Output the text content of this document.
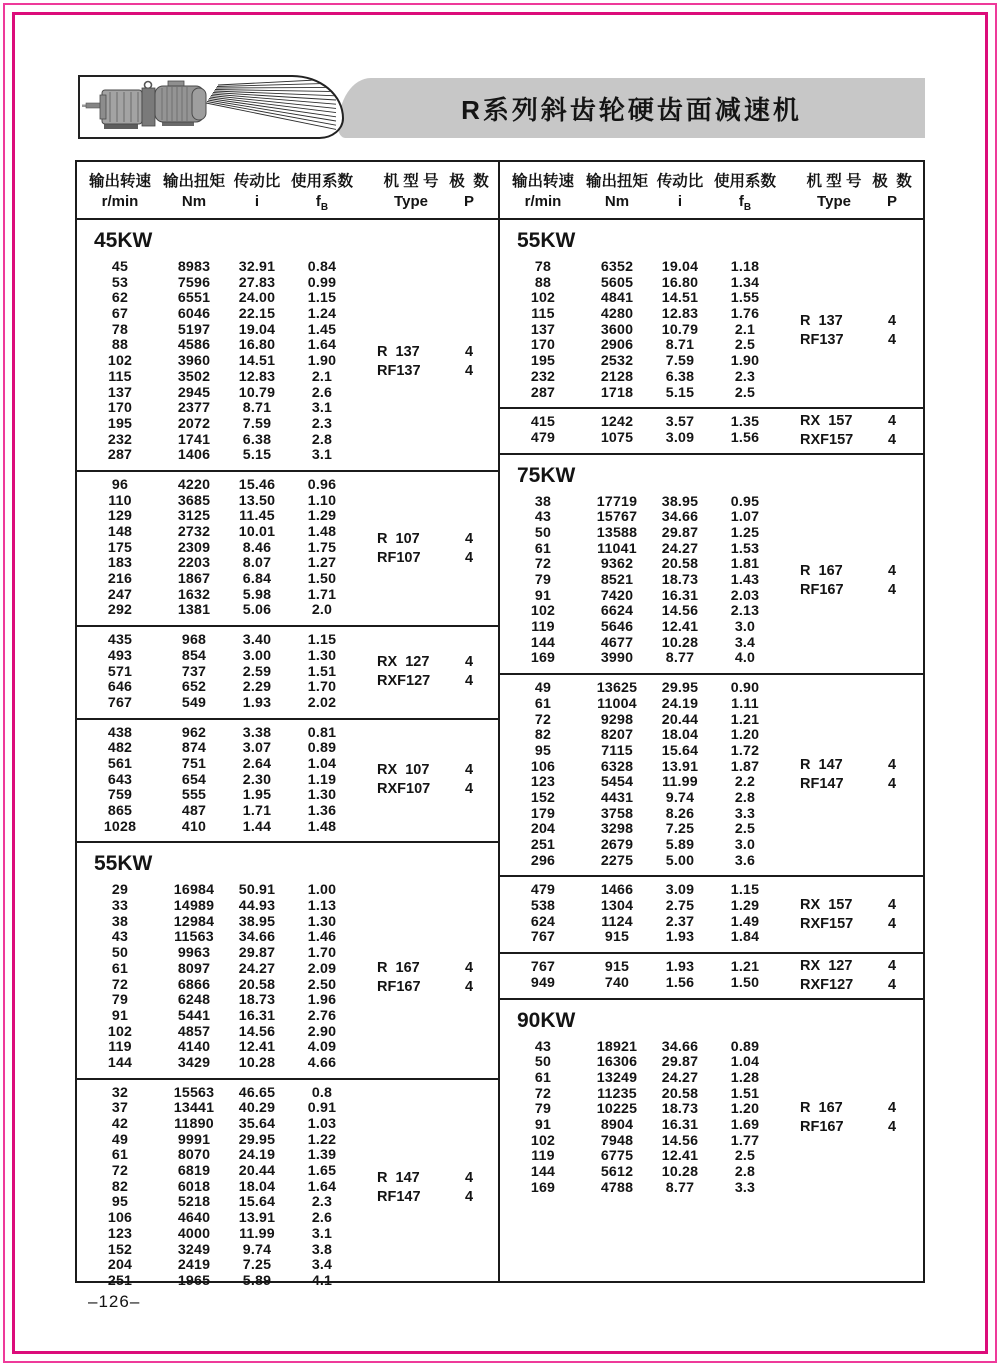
R系列斜齿轮硬齿面减速机
输出转速
r/min
输出扭矩
Nm
传动比
i
使用系数
$f_B$
机 型 号
Type
极  数
P
45KW
45	8983	32.91	0.84
53	7596	27.83	0.99
62	6551	24.00	1.15
67	6046	22.15	1.24
78	5197	19.04	1.45
88	4586	16.80	1.64
102	3960	14.51	1.90
115	3502	12.83	2.1
137	2945	10.79	2.6
170	2377	8.71	3.1
195	2072	7.59	2.3
232	1741	6.38	2.8
287	1406	5.15	3.1
R  137	4
RF137	4
96	4220	15.46	0.96
110	3685	13.50	1.10
129	3125	11.45	1.29
148	2732	10.01	1.48
175	2309	8.46	1.75
183	2203	8.07	1.27
216	1867	6.84	1.50
247	1632	5.98	1.71
292	1381	5.06	2.0
R  107	4
RF107	4
435	968	3.40	1.15
493	854	3.00	1.30
571	737	2.59	1.51
646	652	2.29	1.70
767	549	1.93	2.02
RX  127	4
RXF127	4
438	962	3.38	0.81
482	874	3.07	0.89
561	751	2.64	1.04
643	654	2.30	1.19
759	555	1.95	1.30
865	487	1.71	1.36
1028	410	1.44	1.48
RX  107	4
RXF107	4
55KW
29	16984	50.91	1.00
33	14989	44.93	1.13
38	12984	38.95	1.30
43	11563	34.66	1.46
50	9963	29.87	1.70
61	8097	24.27	2.09
72	6866	20.58	2.50
79	6248	18.73	1.96
91	5441	16.31	2.76
102	4857	14.56	2.90
119	4140	12.41	4.09
144	3429	10.28	4.66
R  167	4
RF167	4
32	15563	46.65	0.8
37	13441	40.29	0.91
42	11890	35.64	1.03
49	9991	29.95	1.22
61	8070	24.19	1.39
72	6819	20.44	1.65
82	6018	18.04	1.64
95	5218	15.64	2.3
106	4640	13.91	2.6
123	4000	11.99	3.1
152	3249	9.74	3.8
204	2419	7.25	3.4
251	1965	5.89	4.1
R  147	4
RF147	4
输出转速
r/min
输出扭矩
Nm
传动比
i
使用系数
$f_B$
机 型 号
Type
极  数
P
55KW
78	6352	19.04	1.18
88	5605	16.80	1.34
102	4841	14.51	1.55
115	4280	12.83	1.76
137	3600	10.79	2.1
170	2906	8.71	2.5
195	2532	7.59	1.90
232	2128	6.38	2.3
287	1718	5.15	2.5
R  137	4
RF137	4
415	1242	3.57	1.35
479	1075	3.09	1.56
RX  157	4
RXF157	4
75KW
38	17719	38.95	0.95
43	15767	34.66	1.07
50	13588	29.87	1.25
61	11041	24.27	1.53
72	9362	20.58	1.81
79	8521	18.73	1.43
91	7420	16.31	2.03
102	6624	14.56	2.13
119	5646	12.41	3.0
144	4677	10.28	3.4
169	3990	8.77	4.0
R  167	4
RF167	4
49	13625	29.95	0.90
61	11004	24.19	1.11
72	9298	20.44	1.21
82	8207	18.04	1.20
95	7115	15.64	1.72
106	6328	13.91	1.87
123	5454	11.99	2.2
152	4431	9.74	2.8
179	3758	8.26	3.3
204	3298	7.25	2.5
251	2679	5.89	3.0
296	2275	5.00	3.6
R  147	4
RF147	4
479	1466	3.09	1.15
538	1304	2.75	1.29
624	1124	2.37	1.49
767	915	1.93	1.84
RX  157	4
RXF157	4
767	915	1.93	1.21
949	740	1.56	1.50
RX  127	4
RXF127	4
90KW
43	18921	34.66	0.89
50	16306	29.87	1.04
61	13249	24.27	1.28
72	11235	20.58	1.51
79	10225	18.73	1.20
91	8904	16.31	1.69
102	7948	14.56	1.77
119	6775	12.41	2.5
144	5612	10.28	2.8
169	4788	8.77	3.3
R  167	4
RF167	4
–126–
